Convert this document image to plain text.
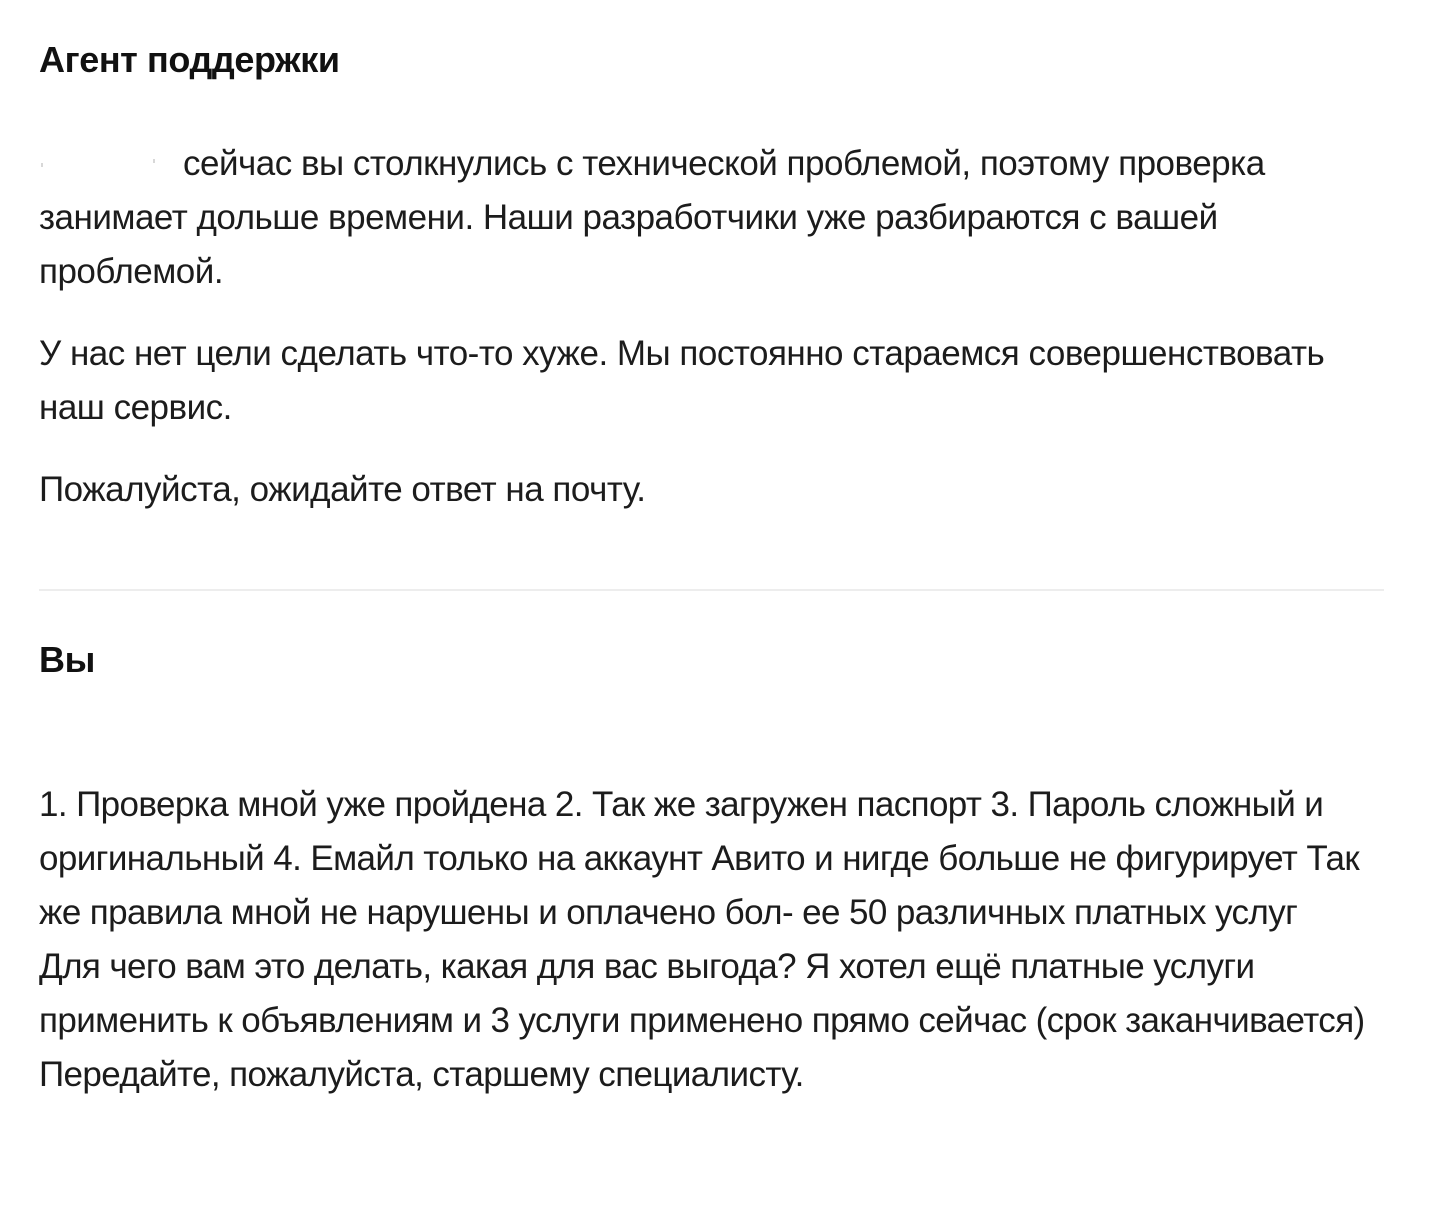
Агент поддержки

сейчас вы столкнулись с технической проблемой, поэтому проверка занимает дольше времени. Наши разработчики уже разбираются с вашей проблемой.

У нас нет цели сделать что-то хуже. Мы постоянно стараемся совершенствовать наш сервис.

Пожалуйста, ожидайте ответ на почту.

Вы

1. Проверка мной уже пройдена 2. Так же загружен паспорт 3. Пароль сложный и оригинальный 4. Емайл только на аккаунт Авито и нигде больше не фигурирует Так же правила мной не нарушены и оплачено бол- ее 50 различных платных услуг

Для чего вам это делать, какая для вас выгода? Я хотел ещё платные услуги применить к объявлениям и 3 услуги применено прямо сейчас (срок заканчивается)

Передайте, пожалуйста, старшему специалисту.
